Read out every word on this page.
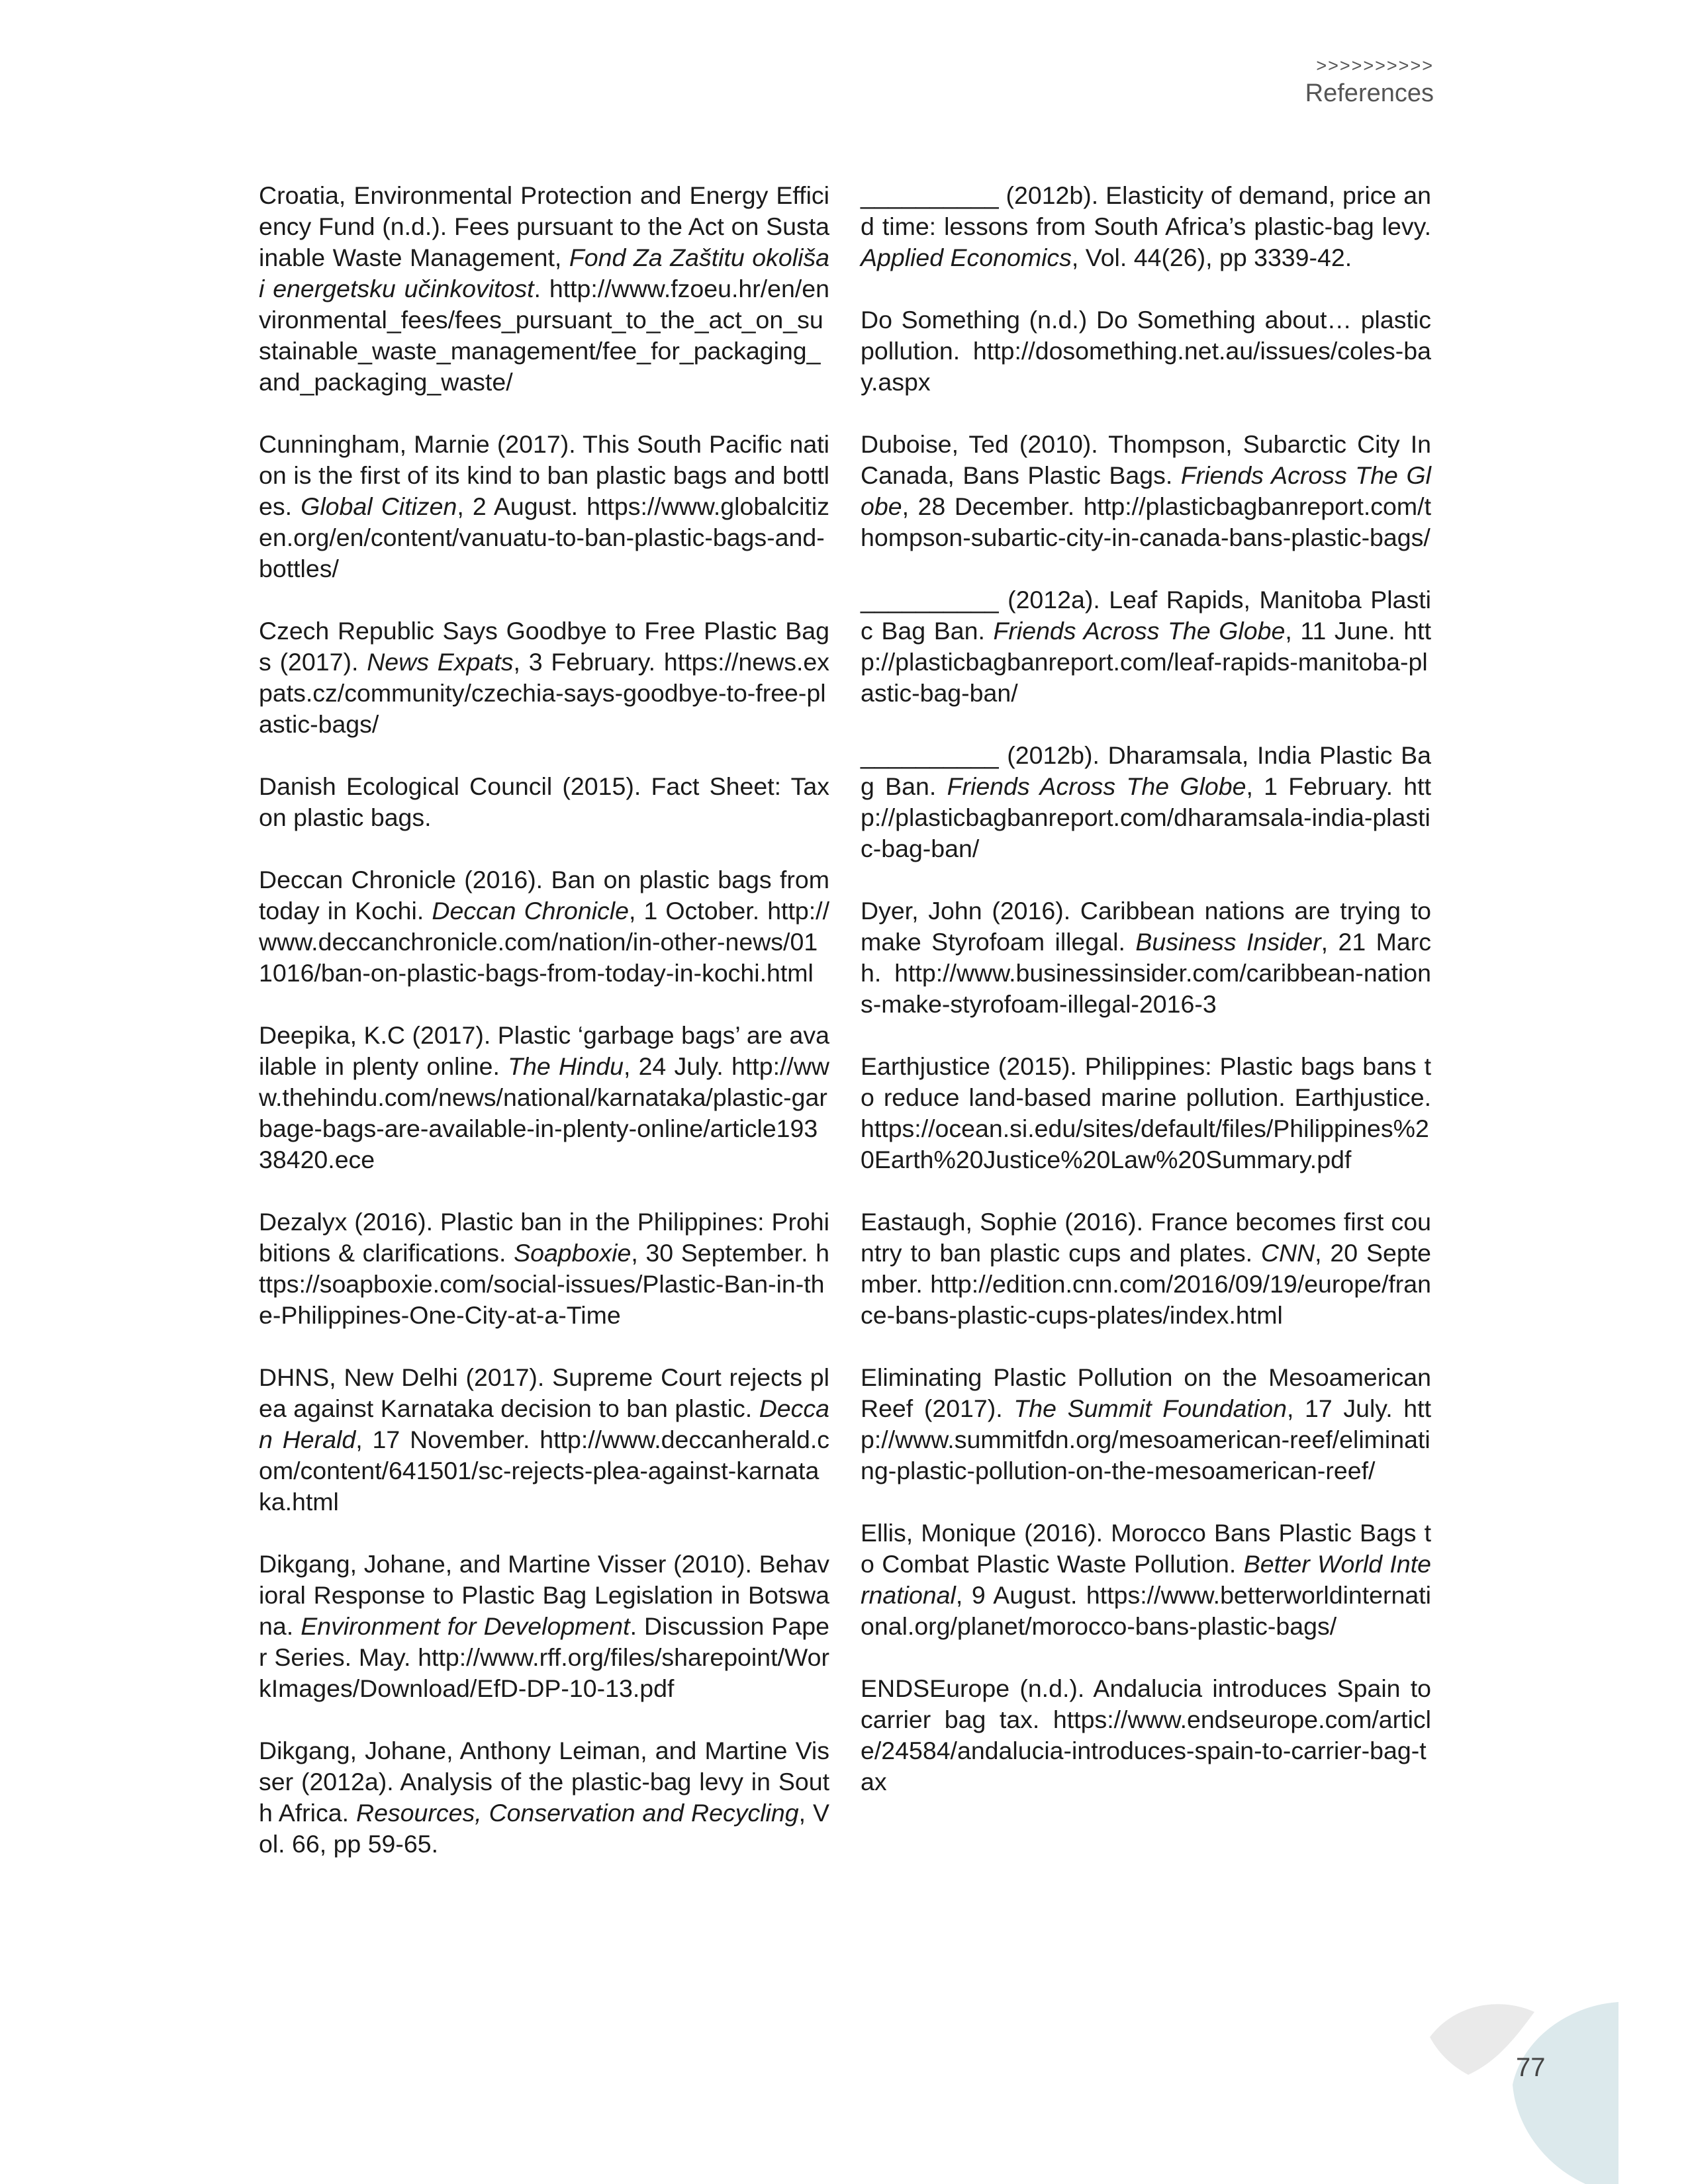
>>>>>>>>>>
References

Croatia, Environmental Protection and Energy Efficiency Fund (n.d.). Fees pursuant to the Act on Sustainable Waste Management, Fond Za Zaštitu okoliša i energetsku učinkovitost. http://www.fzoeu.hr/en/environmental_fees/fees_pursuant_to_the_act_on_sustainable_waste_management/fee_for_packaging_and_packaging_waste/

Cunningham, Marnie (2017). This South Pacific nation is the first of its kind to ban plastic bags and bottles. Global Citizen, 2 August. https://www.globalcitizen.org/en/content/vanuatu-to-ban-plastic-bags-and-bottles/

Czech Republic Says Goodbye to Free Plastic Bags (2017). News Expats, 3 February. https://news.expats.cz/community/czechia-says-goodbye-to-free-plastic-bags/

Danish Ecological Council (2015). Fact Sheet: Tax on plastic bags.

Deccan Chronicle (2016). Ban on plastic bags from today in Kochi. Deccan Chronicle, 1 October. http://www.deccanchronicle.com/nation/in-other-news/011016/ban-on-plastic-bags-from-today-in-kochi.html

Deepika, K.C (2017). Plastic ‘garbage bags’ are available in plenty online. The Hindu, 24 July. http://www.thehindu.com/news/national/karnataka/plastic-garbage-bags-are-available-in-plenty-online/article19338420.ece

Dezalyx (2016). Plastic ban in the Philippines: Prohibitions & clarifications. Soapboxie, 30 September. https://soapboxie.com/social-issues/Plastic-Ban-in-the-Philippines-One-City-at-a-Time

DHNS, New Delhi (2017). Supreme Court rejects plea against Karnataka decision to ban plastic. Deccan Herald, 17 November. http://www.deccanherald.com/content/641501/sc-rejects-plea-against-karnataka.html

Dikgang, Johane, and Martine Visser (2010). Behavioral Response to Plastic Bag Legislation in Botswana. Environment for Development. Discussion Paper Series. May. http://www.rff.org/files/sharepoint/WorkImages/Download/EfD-DP-10-13.pdf

Dikgang, Johane, Anthony Leiman, and Martine Visser (2012a). Analysis of the plastic-bag levy in South Africa. Resources, Conservation and Recycling, Vol. 66, pp 59-65.

__________ (2012b). Elasticity of demand, price and time: lessons from South Africa’s plastic-bag levy. Applied Economics, Vol. 44(26), pp 3339-42.

Do Something (n.d.) Do Something about… plastic pollution. http://dosomething.net.au/issues/coles-bay.aspx

Duboise, Ted (2010). Thompson, Subarctic City In Canada, Bans Plastic Bags. Friends Across The Globe, 28 December. http://plasticbagbanreport.com/thompson-subartic-city-in-canada-bans-plastic-bags/

__________ (2012a). Leaf Rapids, Manitoba Plastic Bag Ban. Friends Across The Globe, 11 June. http://plasticbagbanreport.com/leaf-rapids-manitoba-plastic-bag-ban/

__________ (2012b). Dharamsala, India Plastic Bag Ban. Friends Across The Globe, 1 February. http://plasticbagbanreport.com/dharamsala-india-plastic-bag-ban/

Dyer, John (2016). Caribbean nations are trying to make Styrofoam illegal. Business Insider, 21 March. http://www.businessinsider.com/caribbean-nations-make-styrofoam-illegal-2016-3

Earthjustice (2015). Philippines: Plastic bags bans to reduce land-based marine pollution. Earthjustice. https://ocean.si.edu/sites/default/files/Philippines%20Earth%20Justice%20Law%20Summary.pdf

Eastaugh, Sophie (2016). France becomes first country to ban plastic cups and plates. CNN, 20 September. http://edition.cnn.com/2016/09/19/europe/france-bans-plastic-cups-plates/index.html

Eliminating Plastic Pollution on the Mesoamerican Reef (2017). The Summit Foundation, 17 July. http://www.summitfdn.org/mesoamerican-reef/eliminating-plastic-pollution-on-the-mesoamerican-reef/

Ellis, Monique (2016). Morocco Bans Plastic Bags to Combat Plastic Waste Pollution. Better World International, 9 August. https://www.betterworldinternational.org/planet/morocco-bans-plastic-bags/

ENDSEurope (n.d.). Andalucia introduces Spain to carrier bag tax. https://www.endseurope.com/article/24584/andalucia-introduces-spain-to-carrier-bag-tax

77
